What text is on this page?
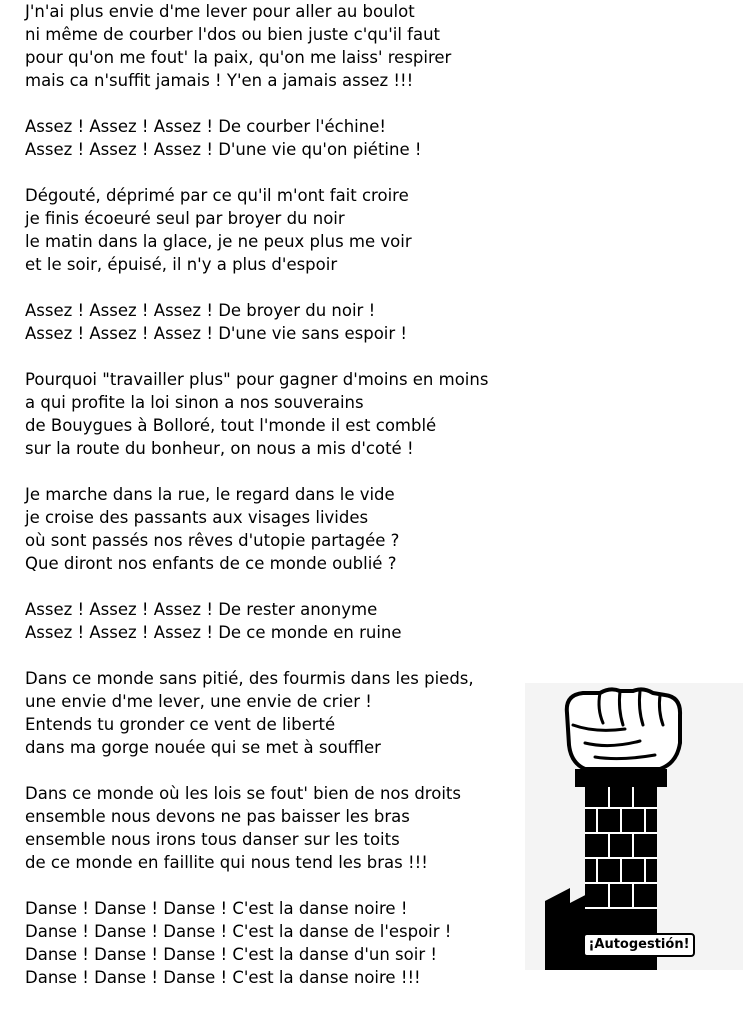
J'n'ai plus envie d'me lever pour aller au boulot
ni même de courber l'dos ou bien juste c'qu'il faut
pour qu'on me fout' la paix, qu'on me laiss' respirer
mais ca n'suffit jamais ! Y'en a jamais assez !!!
Assez ! Assez ! Assez ! De courber l'échine!
Assez ! Assez ! Assez ! D'une vie qu'on piétine !
Dégouté, déprimé par ce qu'il m'ont fait croire
je finis écoeuré seul par broyer du noir
le matin dans la glace, je ne peux plus me voir
et le soir, épuisé, il n'y a plus d'espoir
Assez ! Assez ! Assez ! De broyer du noir !
Assez ! Assez ! Assez ! D'une vie sans espoir !
Pourquoi "travailler plus" pour gagner d'moins en moins
a qui profite la loi sinon a nos souverains
de Bouygues à Bolloré, tout l'monde il est comblé
sur la route du bonheur, on nous a mis d'coté !
Je marche dans la rue, le regard dans le vide
je croise des passants aux visages livides
où sont passés nos rêves d'utopie partagée ?
Que diront nos enfants de ce monde oublié ?
Assez ! Assez ! Assez ! De rester anonyme
Assez ! Assez ! Assez ! De ce monde en ruine
Dans ce monde sans pitié, des fourmis dans les pieds,
une envie d'me lever, une envie de crier !
Entends tu gronder ce vent de liberté
dans ma gorge nouée qui se met à souffler
Dans ce monde où les lois se fout' bien de nos droits
ensemble nous devons ne pas baisser les bras
ensemble nous irons tous danser sur les toits
de ce monde en faillite qui nous tend les bras !!!
Danse ! Danse ! Danse ! C'est la danse noire !
Danse ! Danse ! Danse ! C'est la danse de l'espoir !
Danse ! Danse ! Danse ! C'est la danse d'un soir !
Danse ! Danse ! Danse ! C'est la danse noire !!!
¡Autogestión!
